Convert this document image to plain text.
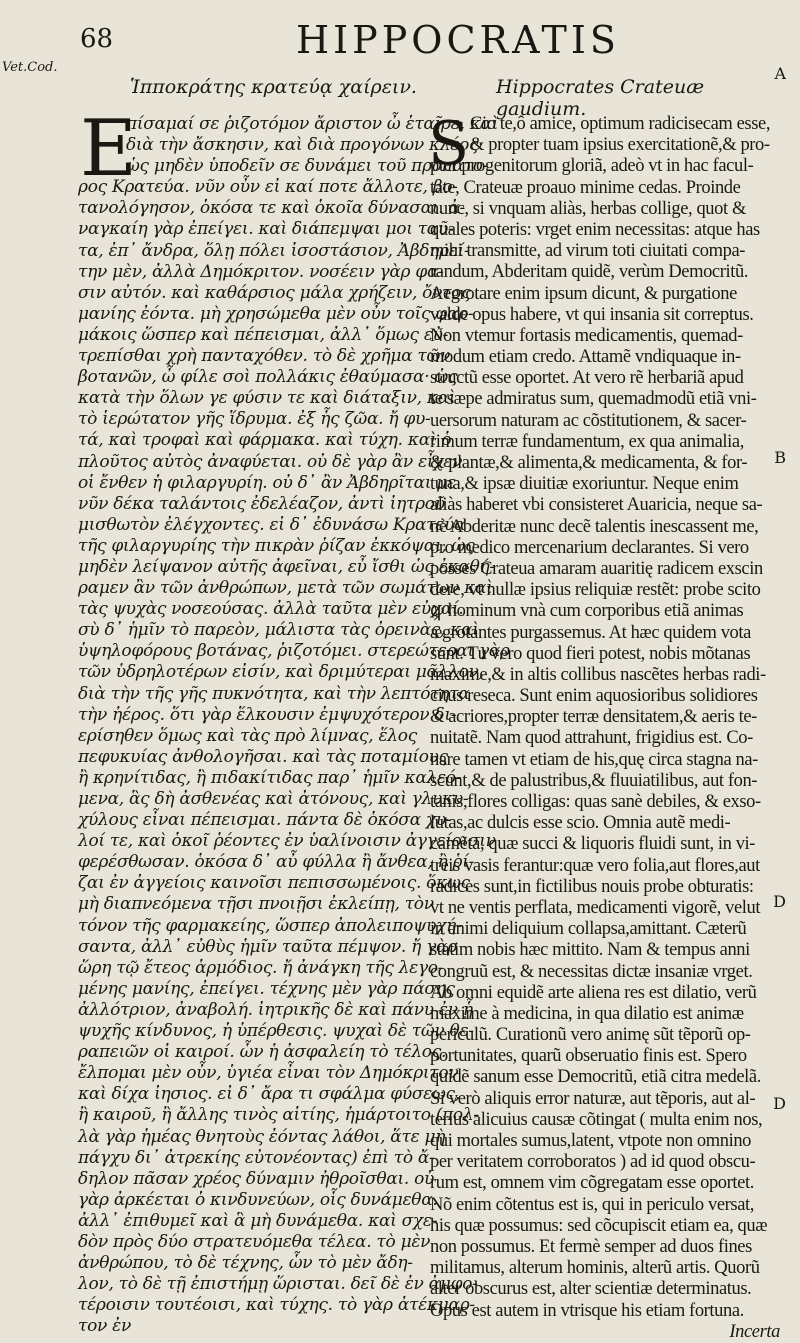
68	HIPPOCRATIS
Vet.Cod.	A
B
D
D
Ἱπποκράτης κρατεύᾳ χαίρειν.	Hippocrates Crateuæ gaudium.
Ε	S
πίσαμαί σε ῥιζοτόμον ἄριστον ὦ ἑταῖρε, καὶ
διὰ τὴν ἄσκησιν, καὶ διὰ προγόνων κλέος·
ὡς μηδὲν ὑποδεῖν σε δυνάμει τοῦ προπάτο-
ρος Κρατεύα. νῦν οὖν εἰ καί ποτε ἄλλοτε, βο-
τανολόγησον, ὁκόσα τε καὶ ὁκοῖα δύνασαι. ἀ-
ναγκαίη γὰρ ἐπείγει. καὶ διάπεμψαι μοι ταῦ-
τα, ἐπ᾽ ἄνδρα, ὅλῃ πόλει ἰσοστάσιον, Ἀβδηρεί-
την μὲν, ἀλλὰ Δημόκριτον. νοσέειν γὰρ φα-
σιν αὐτόν. καὶ καθάρσιος μάλα χρήζειν, ὄντος
μανίης ἐόντα. μὴ χρησώμεθα μὲν οὖν τοῖς φαρ-
μάκοις ὥσπερ καὶ πέπεισμαι, ἀλλ᾽ ὅμως εὐ-
τρεπίσθαι χρὴ πανταχόθεν. τὸ δὲ χρῆμα τῶν
βοτανῶν, ὦ φίλε σοὶ πολλάκις ἐθαύμασα· ὡς
κατὰ τὴν ὅλων γε φύσιν τε καὶ διάταξιν, καὶ
τὸ ἱερώτατον γῆς ἵδρυμα. ἐξ ἧς ζῶα. ἤ φυ-
τά, καὶ τροφαὶ καὶ φάρμακα. καὶ τύχη. καὶ ὁ
πλοῦτος αὐτὸς ἀναφύεται. οὐ δὲ γὰρ ἂν εἶχεν
οἱ ἔνθεν ἡ φιλαργυρίη. οὐ δ᾽ ἂν Ἀβδηρῖται με
νῦν δέκα ταλάντοις ἐδελέαζον, ἀντὶ ἰητροῦ
μισθωτὸν ἐλέγχοντες. εἰ δ᾽ ἐδυνάσω Κρατεύα
τῆς φιλαργυρίης τὴν πικρὰν ῥίζαν ἐκκόψαι, ὡς
μηδὲν λείψανον αὐτῆς ἀφεῖναι, εὖ ἴσθι ὡς ἐκαθή-
ραμεν ἂν τῶν ἀνθρώπων, μετὰ τῶν σωμάτων καὶ
τὰς ψυχὰς νοσεούσας. ἀλλὰ ταῦτα μὲν εὐχαί.
σὺ δ᾽ ἡμῖν τὸ παρεὸν, μάλιστα τὰς ὀρεινὰς, καὶ
ὑψηλοφόρους βοτάνας, ῥιζοτόμει. στερεώτεραι γὰρ
τῶν ὑδρηλοτέρων εἰσίν, καὶ δριμύτεραι μᾶλλον,
διὰ τὴν τῆς γῆς πυκνότητα, καὶ τὴν λεπτότητα
τὴν ἠέρος. ὅτι γὰρ ἕλκουσιν ἐμψυχότερον δι-
ερίσηθεν ὅμως καὶ τὰς πρὸ λίμνας, ἕλος
πεφυκυίας ἀνθολογῆσαι. καὶ τὰς ποταμίους
ἢ κρηνίτιδας, ἢ πιδακίτιδας παρ᾽ ἡμῖν καλεό-
μενα, ἃς δὴ ἀσθενέας καὶ ἀτόνους, καὶ γλυκυ-
χύλους εἶναι πέπεισμαι. πάντα δὲ ὁκόσα χυ-
λοί τε, καὶ ὁκοῖ ῥέοντες ἐν ὑαλίνοισιν ἀγγείοισιν
φερέσθωσαν. ὁκόσα δ᾽ αὖ φύλλα ἢ ἄνθεα, ἢ ῥί-
ζαι ἐν ἀγγείοις καινοῖσι πεπισσωμένοις. ὅκως
μὴ διαπνεόμενα τῇσι πνοιῇσι ἐκλείπῃ, τὸν
τόνον τῆς φαρμακείης, ὥσπερ ἀπολειποψυχή-
σαντα, ἀλλ᾽ εὐθὺς ἡμῖν ταῦτα πέμψον. ἤ γὰρ
ὥρη τῷ ἔτεος ἁρμόδιος. ἤ ἀνάγκη τῆς λεγο-
μένης μανίης, ἐπείγει. τέχνης μὲν γὰρ πάσης
ἀλλότριον, ἀναβολή. ἰητρικῆς δὲ καὶ πάνυ ἐν ᾗ
ψυχῆς κίνδυνος, ἡ ὑπέρθεσις. ψυχαὶ δὲ τῶν θε-
ραπειῶν οἱ καιροί. ὧν ἡ ἀσφαλείη τὸ τέλος.
ἔλπομαι μὲν οὖν, ὑγιέα εἶναι τὸν Δημόκριτον
καὶ δίχα ἰησιος. εἰ δ᾽ ἄρα τι σφάλμα φύσεως,
ἢ καιροῦ, ἢ ἄλλης τινὸς αἰτίης, ἡμάρτοιτο (πολ-
λὰ γὰρ ἡμέας θνητοὺς ἐόντας λάθοι, ἅτε μὴ
πάγχυ δι᾽ ἀτρεκίης εὐτονέοντας) ἐπὶ τὸ ἄ-
δηλον πᾶσαν χρέος δύναμιν ἠθροῖσθαι. οὐ
γὰρ ἀρκέεται ὁ κινδυνεύων, οἷς δυνάμεθα.
ἀλλ᾽ ἐπιθυμεῖ καὶ ἃ μὴ δυνάμεθα. καὶ σχε-
δὸν πρὸς δύο στρατευόμεθα τέλεα. τὸ μὲν
ἀνθρώπου, τὸ δὲ τέχνης, ὧν τὸ μὲν ἄδη-
λον, τὸ δὲ τῇ ἐπιστήμῃ ὥρισται. δεῖ δὲ ἐν ἀμφο-
τέροισιν τουτέοισι, καὶ τύχης. τὸ γὰρ ἀτέκμαρ-
τον ἐν
Cio te,ô amice, optimum radicisecam esse,
& propter tuam ipsius exercitationẽ,& pro-
pter progenitorum gloriã, adeò vt in hac facul-
tate, Crateuæ proauo minime cedas. Proinde
nunc, si vnquam aliàs, herbas collige, quot &
quales poteris: vrget enim necessitas: atque has
mihi transmitte, ad virum toti ciuitati compa-
randum, Abderitam quidẽ, verùm Democritũ.
Aegrotare enim ipsum dicunt, & purgatione
valde opus habere, vt qui insania sit correptus.
Non vtemur fortasis medicamentis, quemad-
modum etiam credo. Attamẽ vndiquaque in-
structũ esse oportet. At vero rẽ herbariã apud
te sæpe admiratus sum, quemadmodũ etiã vni-
uersorum naturam ac cõstitutionem, & sacer-
rimum terræ fundamentum, ex qua animalia,
& plantæ,& alimenta,& medicamenta, & for-
tuna,& ipsæ diuitiæ exoriuntur. Neque enim
aliàs haberet vbi consisteret Auaricia, neque sa-
nè Abderitæ nunc decẽ talentis inescassent me,
pro medico mercenarium declarantes. Si vero
posses Crateua amaram auaritię radicem exscin
dere, vt nullæ ipsius reliquiæ restẽt: probe scito
ꝙ hominum vnà cum corporibus etiã animas
ægrotantes purgassemus. At hæc quidem vota
sunt. Tu vero quod fieri potest, nobis mõtanas
maxime,& in altis collibus nascẽtes herbas radi-
citus reseca. Sunt enim aquosioribus solidiores
& acriores,propter terræ densitatem,& aeris te-
nuitatẽ. Nam quod attrahunt, frigidius est. Co-
nare tamen vt etiam de his,quę circa stagna na-
scunt,& de palustribus,& fluuiatilibus, aut fon-
tanis,flores colligas: quas sanè debiles, & exso-
lutas,ac dulcis esse scio. Omnia autẽ medi-
camẽta, quæ succi & liquoris fluidi sunt, in vi-
treis vasis ferantur:quæ vero folia,aut flores,aut
radices sunt,in fictilibus nouis probe obturatis:
vt ne ventis perflata, medicamenti vigorẽ, velut
in animi deliquium collapsa,amittant. Cæterũ
statim nobis hæc mittito. Nam & tempus anni
congruũ est, & necessitas dictæ insaniæ vrget.
Ab omni equidẽ arte aliena res est dilatio, verũ
maxime à medicina, in qua dilatio est animæ
periculũ. Curationũ vero animę sũt tẽporũ op-
portunitates, quarũ obseruatio finis est. Spero
quidẽ sanum esse Democritũ, etiã citra medelã.
Si verò aliquis error naturæ, aut tẽporis, aut al-
terius alicuius causæ cõtingat ( multa enim nos,
qui mortales sumus,latent, vtpote non omnino
per veritatem corroboratos ) ad id quod obscu-
rum est, omnem vim cõgregatam esse oportet.
Nõ enim cõtentus est is, qui in periculo versat,
his quæ possumus: sed cõcupiscit etiam ea, quæ
non possumus. Et fermè semper ad duos fines
militamus, alterum hominis, alterũ artis. Quorũ
alter obscurus est, alter scientiæ determinatus.
Opus est autem in vtrisque his etiam fortuna.
Incerta
